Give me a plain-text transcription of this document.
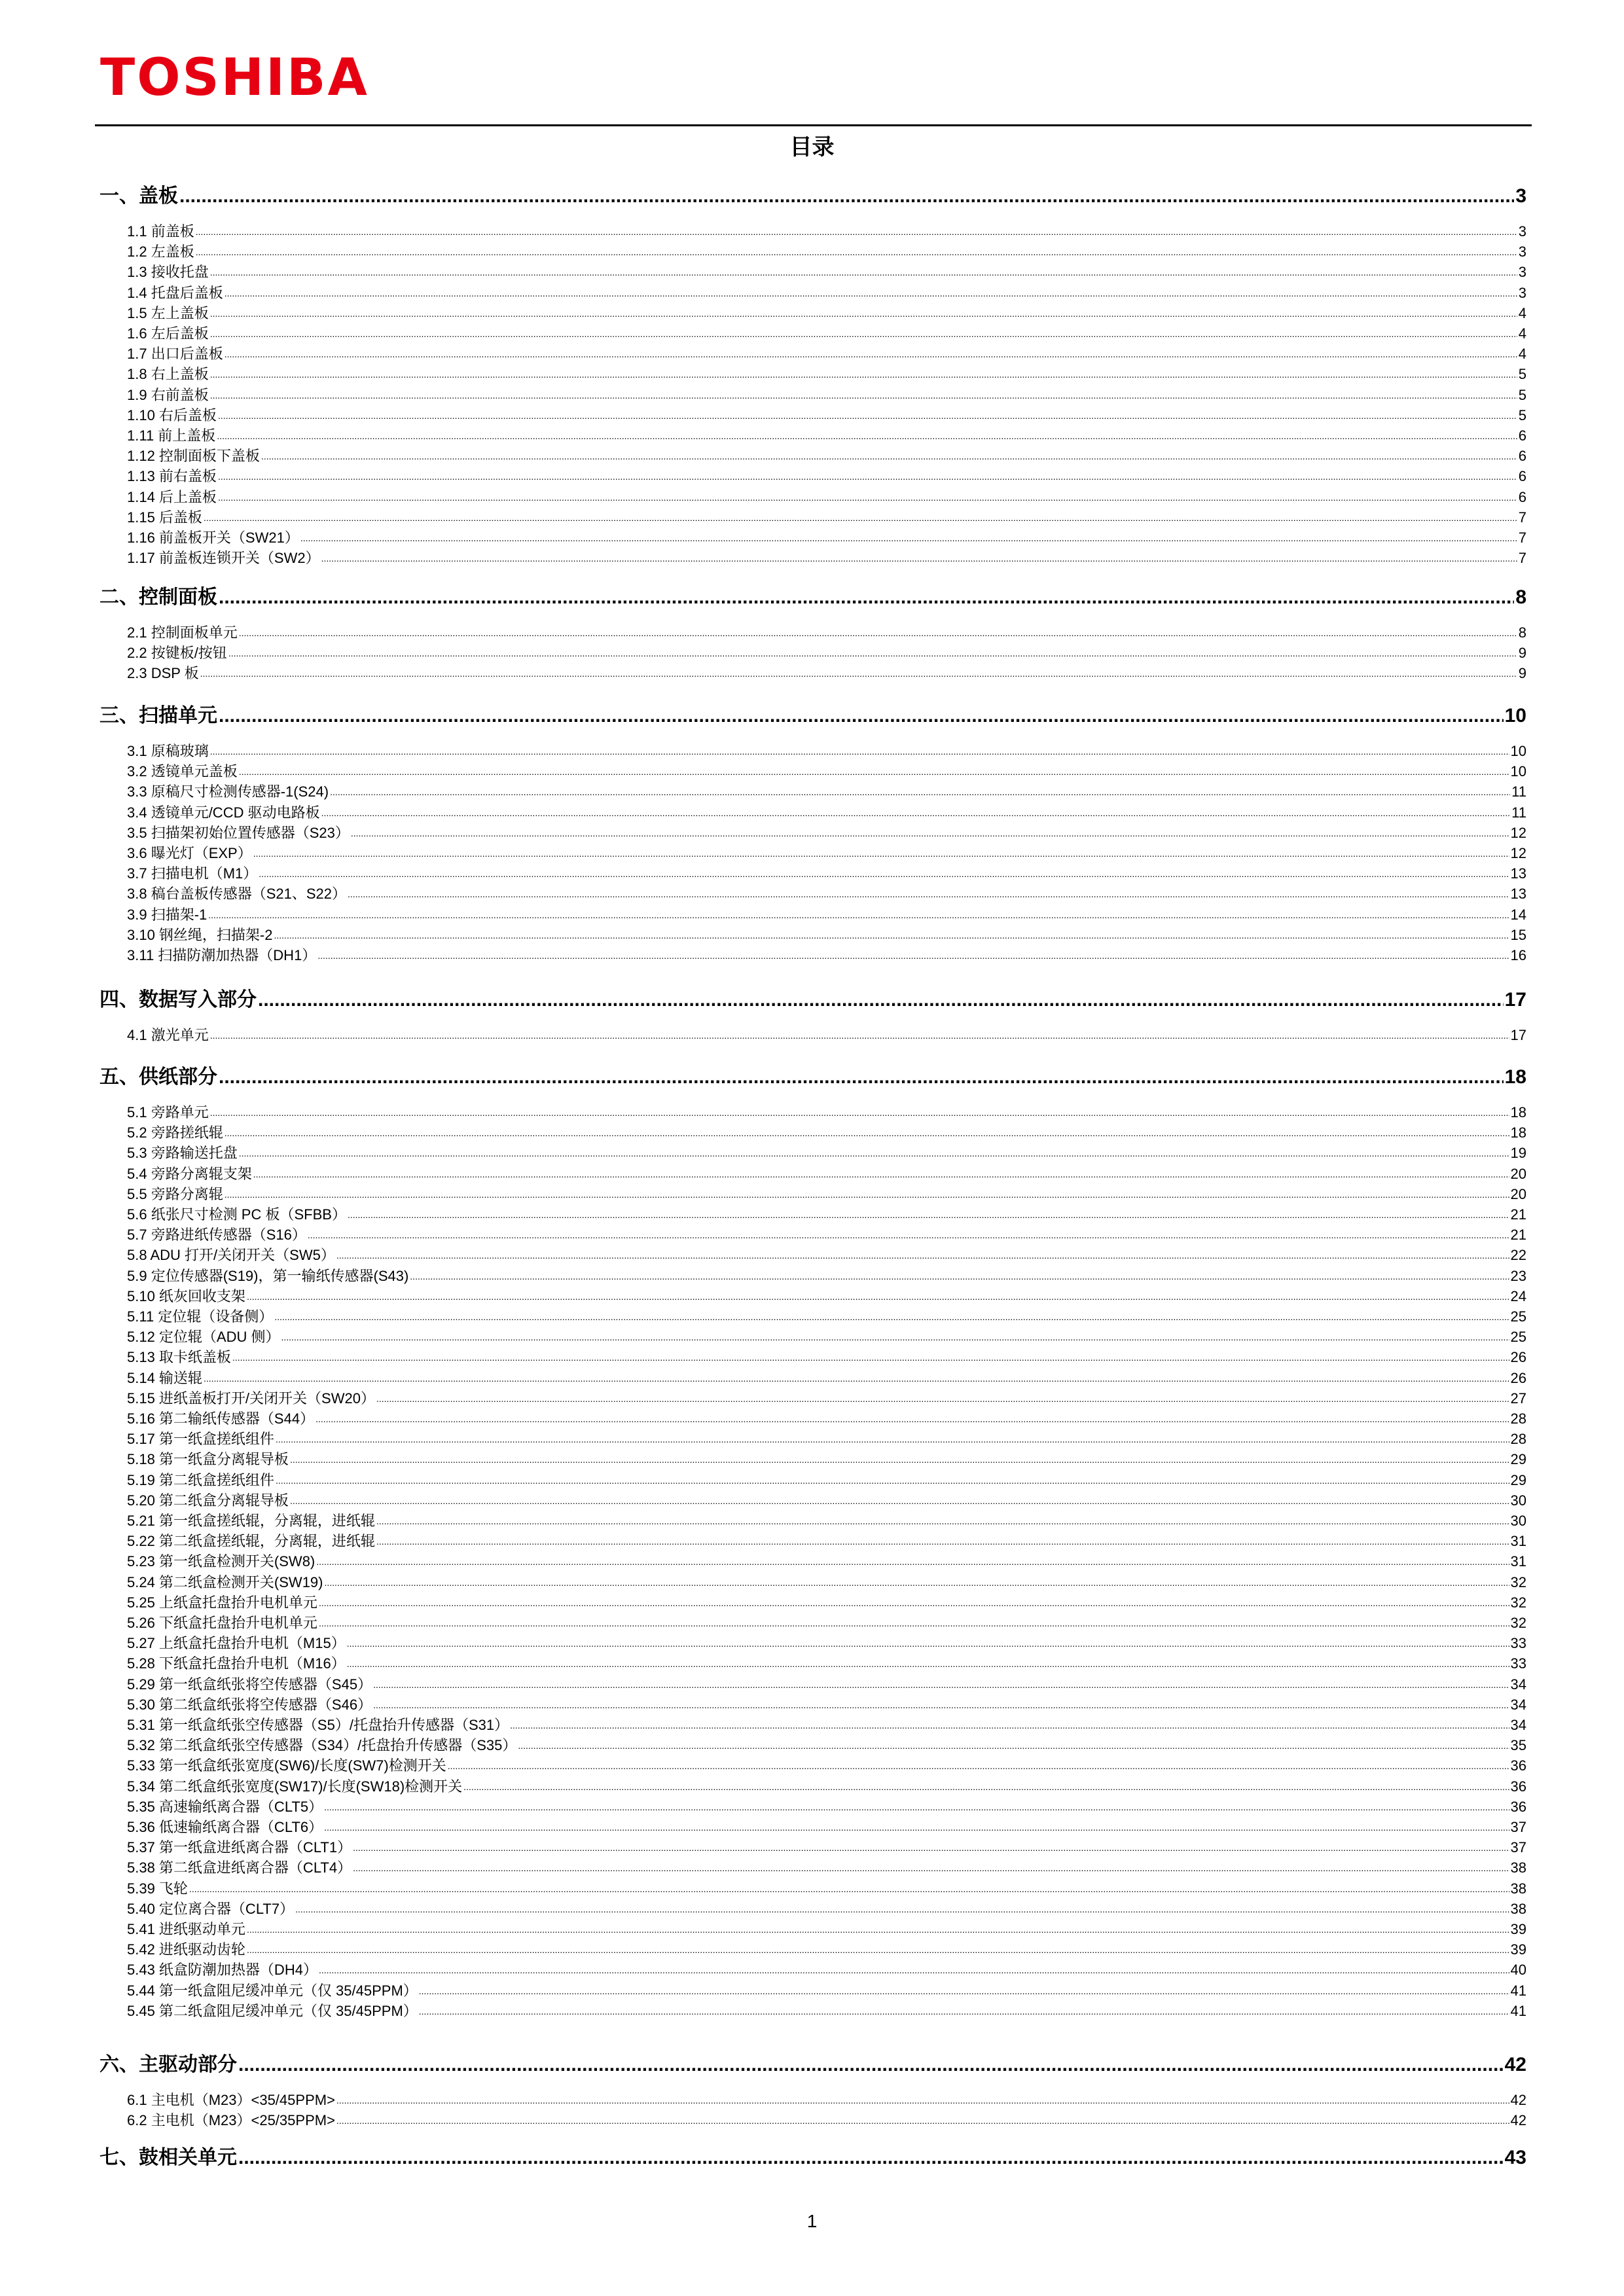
TOSHIBA
目录
一、盖板 .....	3
1.1 前盖板 .....	3
1.2 左盖板 .....	3
1.3 接收托盘 .....	3
1.4 托盘后盖板 .....	3
1.5 左上盖板 .....	4
1.6 左后盖板 .....	4
1.7 出口后盖板 .....	4
1.8 右上盖板 .....	5
1.9 右前盖板 .....	5
1.10 右后盖板 .....	5
1.11 前上盖板 .....	6
1.12 控制面板下盖板 .....	6
1.13 前右盖板 .....	6
1.14 后上盖板 .....	6
1.15 后盖板 .....	7
1.16 前盖板开关（SW21） .....	7
1.17 前盖板连锁开关（SW2） .....	7
二、控制面板 .....	8
2.1 控制面板单元 .....	8
2.2 按键板/按钮 .....	9
2.3 DSP 板 .....	9
三、扫描单元 .....	10
3.1 原稿玻璃 .....	10
3.2 透镜单元盖板 .....	10
3.3 原稿尺寸检测传感器-1(S24) .....	11
3.4 透镜单元/CCD 驱动电路板 .....	11
3.5 扫描架初始位置传感器（S23） .....	12
3.6 曝光灯（EXP） .....	12
3.7 扫描电机（M1） .....	13
3.8 稿台盖板传感器（S21、S22） .....	13
3.9 扫描架-1 .....	14
3.10 钢丝绳，扫描架-2 .....	15
3.11 扫描防潮加热器（DH1） .....	16
四、数据写入部分 .....	17
4.1 激光单元 .....	17
五、供纸部分 .....	18
5.1 旁路单元 .....	18
5.2 旁路搓纸辊 .....	18
5.3 旁路输送托盘 .....	19
5.4 旁路分离辊支架 .....	20
5.5 旁路分离辊 .....	20
5.6 纸张尺寸检测 PC 板（SFBB） .....	21
5.7 旁路进纸传感器（S16） .....	21
5.8 ADU 打开/关闭开关（SW5） .....	22
5.9 定位传感器(S19)，第一输纸传感器(S43) .....	23
5.10 纸灰回收支架 .....	24
5.11 定位辊（设备侧） .....	25
5.12 定位辊（ADU 侧） .....	25
5.13 取卡纸盖板 .....	26
5.14 输送辊 .....	26
5.15 进纸盖板打开/关闭开关（SW20） .....	27
5.16 第二输纸传感器（S44） .....	28
5.17 第一纸盒搓纸组件 .....	28
5.18 第一纸盒分离辊导板 .....	29
5.19 第二纸盒搓纸组件 .....	29
5.20 第二纸盒分离辊导板 .....	30
5.21 第一纸盒搓纸辊，分离辊，进纸辊 .....	30
5.22 第二纸盒搓纸辊，分离辊，进纸辊 .....	31
5.23 第一纸盒检测开关(SW8) .....	31
5.24 第二纸盒检测开关(SW19) .....	32
5.25 上纸盒托盘抬升电机单元 .....	32
5.26 下纸盒托盘抬升电机单元 .....	32
5.27 上纸盒托盘抬升电机（M15） .....	33
5.28 下纸盒托盘抬升电机（M16） .....	33
5.29 第一纸盒纸张将空传感器（S45） .....	34
5.30 第二纸盒纸张将空传感器（S46） .....	34
5.31 第一纸盒纸张空传感器（S5）/托盘抬升传感器（S31） .....	34
5.32 第二纸盒纸张空传感器（S34）/托盘抬升传感器（S35） .....	35
5.33 第一纸盒纸张宽度(SW6)/长度(SW7)检测开关 .....	36
5.34 第二纸盒纸张宽度(SW17)/长度(SW18)检测开关 .....	36
5.35 高速输纸离合器（CLT5） .....	36
5.36 低速输纸离合器（CLT6） .....	37
5.37 第一纸盒进纸离合器（CLT1） .....	37
5.38 第二纸盒进纸离合器（CLT4） .....	38
5.39 飞轮 .....	38
5.40 定位离合器（CLT7） .....	38
5.41 进纸驱动单元 .....	39
5.42 进纸驱动齿轮 .....	39
5.43 纸盒防潮加热器（DH4） .....	40
5.44 第一纸盒阻尼缓冲单元（仅 35/45PPM） .....	41
5.45 第二纸盒阻尼缓冲单元（仅 35/45PPM） .....	41
六、主驱动部分 .....	42
6.1 主电机（M23）<35/45PPM> .....	42
6.2 主电机（M23）<25/35PPM> .....	42
七、鼓相关单元 .....	43
1
